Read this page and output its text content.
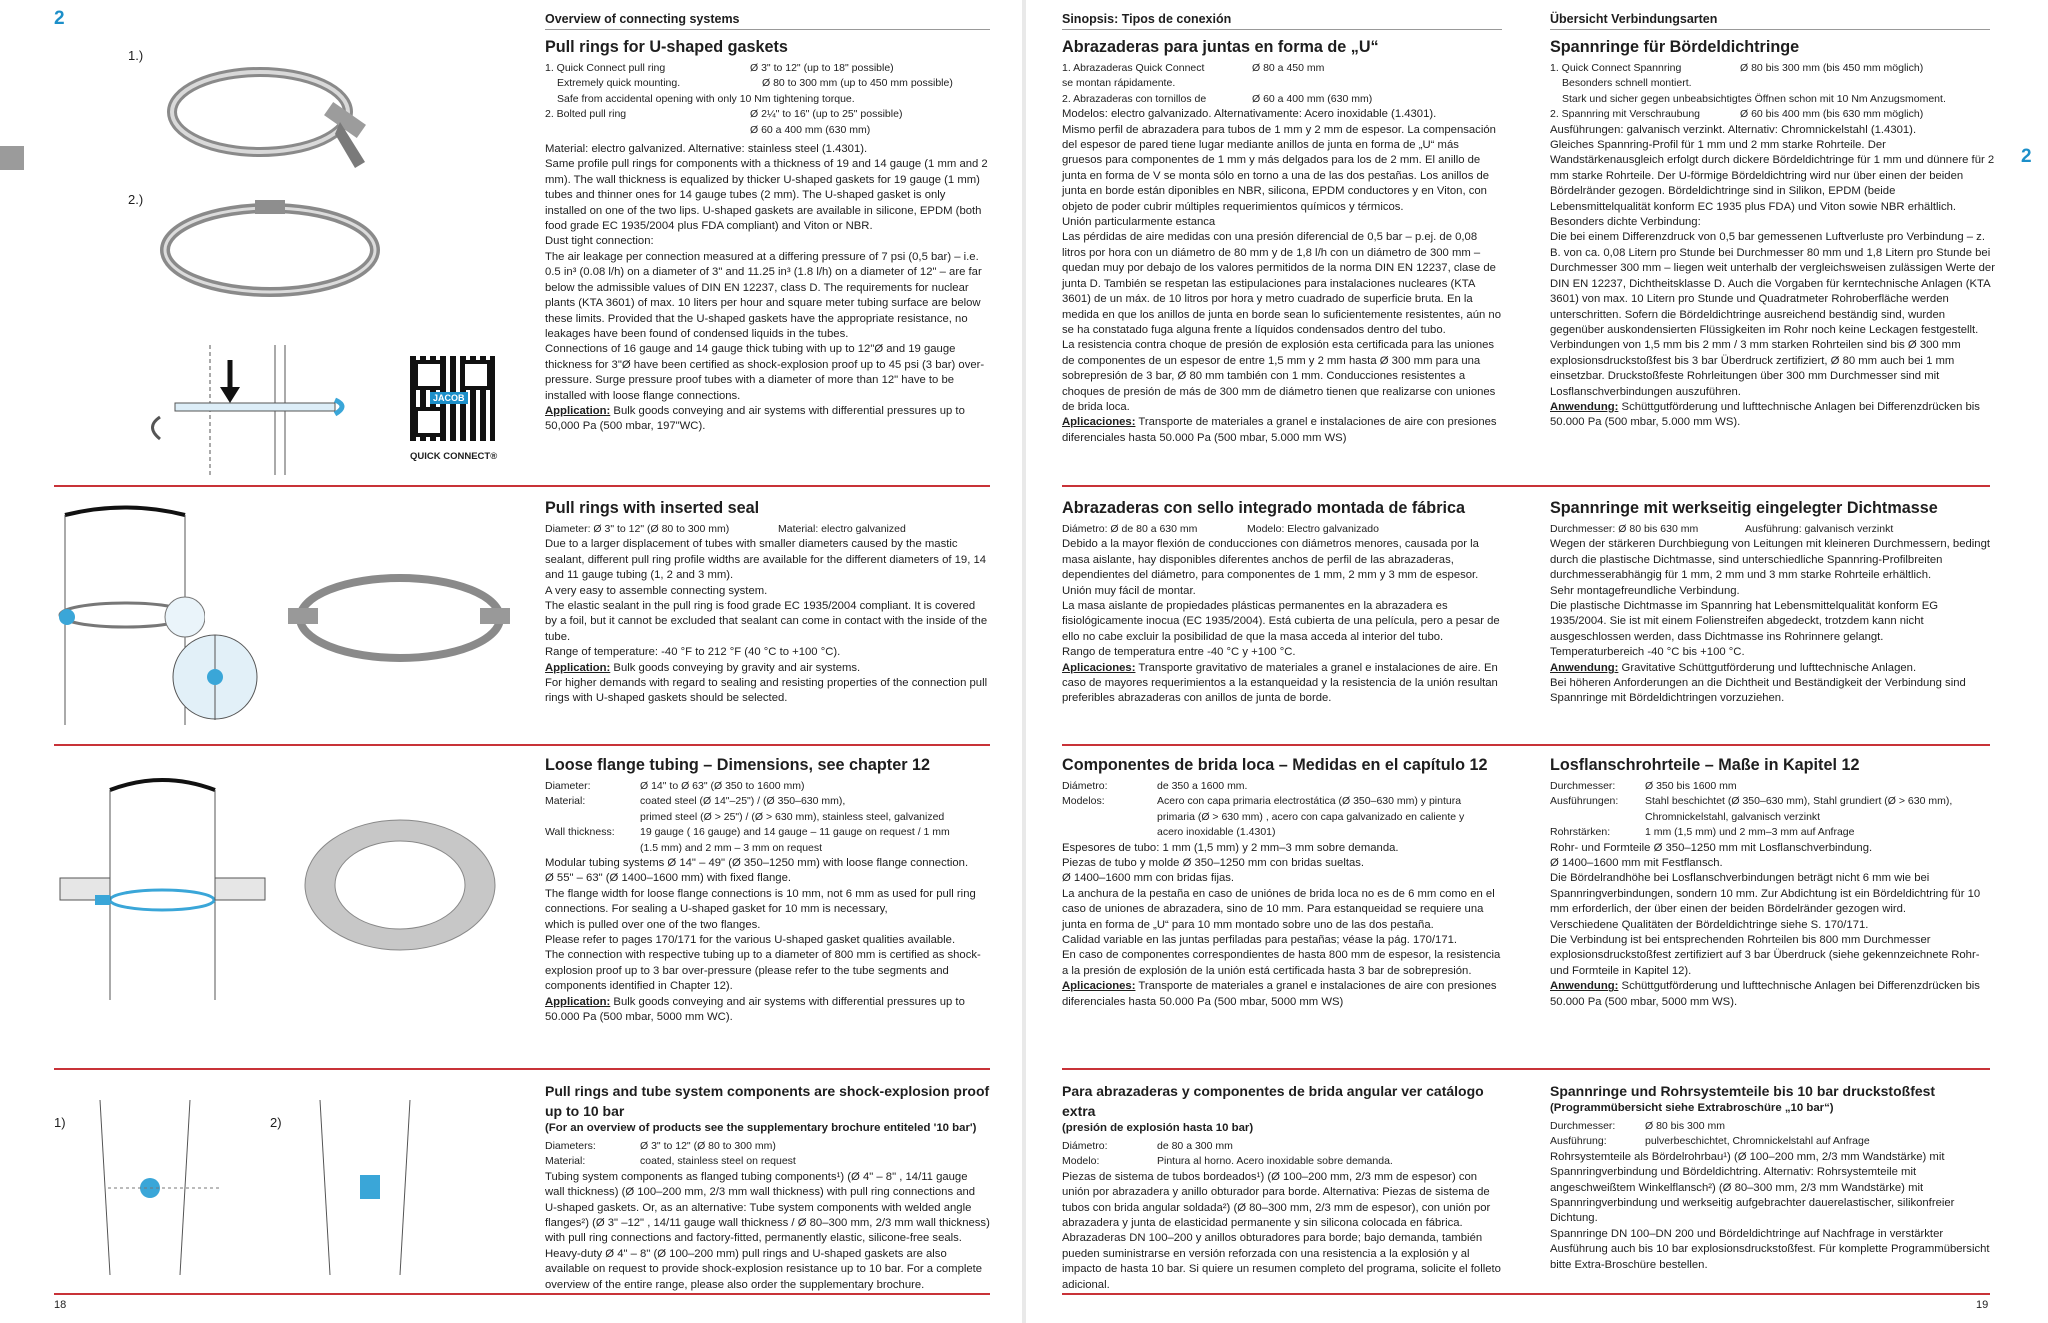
2	Overview of connecting systems
1.)
2.)
JACOB
QUICK CONNECT®
Pull rings for U-shaped gaskets
1. Quick Connect pull ring	Ø 3" to 12" (up to 18" possible)
Extremely quick mounting.	Ø 80 to 300 mm (up to 450 mm possible)
Safe from accidental opening with only 10 Nm tightening torque.
2. Bolted pull ring	Ø 2¼" to 16" (up to 25" possible)
Ø 60 a 400 mm (630 mm)

Material: electro galvanized. Alternative: stainless steel (1.4301).

Same profile pull rings for components with a thickness of 19 and 14 gauge (1 mm and 2 mm). The wall thickness is equalized by thicker U-shaped gaskets for 19 gauge (1 mm) tubes and thinner ones for 14 gauge tubes (2 mm). The U-shaped gasket is only installed on one of the two lips. U-shaped gaskets are available in silicone, EPDM (both food grade EC 1935/2004 plus FDA compliant) and Viton or NBR.

Dust tight connection:

The air leakage per connection measured at a differing pressure of 7 psi (0,5 bar) – i.e. 0.5 in³ (0.08 l/h) on a diameter of 3" and 11.25 in³ (1.8 l/h) on a diameter of 12" – are far below the admissible values of DIN EN 12237, class D. The requirements for nuclear plants (KTA 3601) of max. 10 liters per hour and square meter tubing surface are below these limits. Provided that the U-shaped gaskets have the appropriate resistance, no leakages have been found of condensed liquids in the tubes.

Connections of 16 gauge and 14 gauge thick tubing with up to 12"Ø and 19 gauge thickness for 3"Ø have been certified as shock-explosion proof up to 45 psi (3 bar) over-pressure. Surge pressure proof tubes with a diameter of more than 12" have to be installed with loose flange connections.

Application: Bulk goods conveying and air systems with differential pressures up to 50,000 Pa (500 mbar, 197"WC).

Pull rings with inserted seal
Diameter: Ø 3" to 12" (Ø 80 to 300 mm)	Material: electro galvanized

Due to a larger displacement of tubes with smaller diameters caused by the mastic sealant, different pull ring profile widths are available for the different diameters of 19, 14 and 11 gauge tubing (1, 2 and 3 mm).

A very easy to assemble connecting system.

The elastic sealant in the pull ring is food grade EC 1935/2004 compliant. It is covered by a foil, but it cannot be excluded that sealant can come in contact with the inside of the tube.

Range of temperature: -40 °F to 212 °F (40 °C to +100 °C).

Application: Bulk goods conveying by gravity and air systems.

For higher demands with regard to sealing and resisting properties of the connection pull rings with U-shaped gaskets should be selected.

Loose flange tubing – Dimensions, see chapter 12
Diameter:	Ø 14" to Ø 63" (Ø 350 to 1600 mm)
Material:	coated steel (Ø 14"–25") / (Ø 350–630 mm),
primed steel (Ø > 25") / (Ø > 630 mm), stainless steel, galvanized
Wall thickness:	19 gauge ( 16 gauge) and 14 gauge – 11 gauge on request / 1 mm
(1.5 mm) and 2 mm – 3 mm on request

Modular tubing systems Ø 14" – 49" (Ø 350–1250 mm) with loose flange connection.

Ø 55" – 63" (Ø 1400–1600 mm) with fixed flange.

The flange width for loose flange connections is 10 mm, not 6 mm as used for pull ring connections. For sealing a U-shaped gasket for 10 mm is necessary,

which is pulled over one of the two flanges.

Please refer to pages 170/171 for the various U-shaped gasket qualities available.

The connection with respective tubing up to a diameter of 800 mm is certified as shock-explosion proof up to 3 bar over-pressure (please refer to the tube segments and components identified in Chapter 12).

Application: Bulk goods conveying and air systems with differential pressures up to 50.000 Pa (500 mbar, 5000 mm WC).

1)	2)
Pull rings and tube system components are shock-explosion proof up to 10 bar
(For an overview of products see the supplementary brochure entiteled '10 bar')
Diameters:	Ø 3" to 12" (Ø 80 to 300 mm)
Material:	coated, stainless steel on request

Tubing system components as flanged tubing components¹) (Ø 4" – 8" , 14/11 gauge wall thickness) (Ø 100–200 mm, 2/3 mm wall thickness) with pull ring connections and U-shaped gaskets. Or, as an alternative: Tube system components with welded angle flanges²) (Ø 3" –12" , 14/11 gauge wall thickness / Ø 80–300 mm, 2/3 mm wall thickness) with pull ring connections and factory-fitted, permanently elastic, silicone-free seals.

Heavy-duty Ø 4" – 8" (Ø 100–200 mm) pull rings and U-shaped gaskets are also available on request to provide shock-explosion resistance up to 10 bar. For a complete overview of the entire range, please also order the supplementary brochure.

18
Sinopsis: Tipos de conexión	Übersicht Verbindungsarten
2
Abrazaderas para juntas en forma de „U“
1. Abrazaderas Quick Connect
se montan rápidamente.
Ø 80 a 450 mm
2. Abrazaderas con tornillos de	Ø 60 a 400 mm (630 mm)

Modelos: electro galvanizado. Alternativamente: Acero inoxidable (1.4301).

Mismo perfil de abrazadera para tubos de 1 mm y 2 mm de espesor. La compensación del espesor de pared tiene lugar mediante anillos de junta en forma de „U“ más gruesos para componentes de 1 mm y más delgados para los de 2 mm. El anillo de junta en forma de V se monta sólo en torno a una de las dos pestañas. Los anillos de junta en borde están diponibles en NBR, silicona, EPDM conductores y en Viton, con objeto de poder cubrir múltiples requerimientos químicos y térmicos.

Unión particularmente estanca

Las pérdidas de aire medidas con una presión diferencial de 0,5 bar – p.ej. de 0,08 litros por hora con un diámetro de 80 mm y de 1,8 l/h con un diámetro de 300 mm – quedan muy por debajo de los valores permitidos de la norma DIN EN 12237, clase de junta D. También se respetan las estipulaciones para instalaciones nucleares (KTA 3601) de un máx. de 10 litros por hora y metro cuadrado de superficie bruta. En la medida en que los anillos de junta en borde sean lo suficientemente resistentes, aún no se ha constatado fuga alguna frente a líquidos condensados dentro del tubo.

La resistencia contra choque de presión de explosión esta certificada para las uniones de componentes de un espesor de entre 1,5 mm y 2 mm hasta Ø 300 mm para una sobrepresión de 3 bar, Ø 80 mm también con 1 mm. Conducciones resistentes a choques de presión de más de 300 mm de diámetro tienen que realizarse con uniones de brida loca.

Aplicaciones: Transporte de materiales a granel e instalaciones de aire con presiones diferenciales hasta 50.000 Pa (500 mbar, 5.000 mm WS)

Abrazaderas con sello integrado montada de fábrica
Diámetro: Ø de 80 a 630 mm	Modelo: Electro galvanizado

Debido a la mayor flexión de conducciones con diámetros menores, causada por la masa aislante, hay disponibles diferentes anchos de perfil de las abrazaderas, dependientes del diámetro, para componentes de 1 mm, 2 mm y 3 mm de espesor.

Unión muy fácil de montar.

La masa aislante de propiedades plásticas permanentes en la abrazadera es fisiológicamente inocua (EC 1935/2004). Está cubierta de una película, pero a pesar de ello no cabe excluir la posibilidad de que la masa acceda al interior del tubo.

Rango de temperatura entre -40 °C y +100 °C.

Aplicaciones: Transporte gravitativo de materiales a granel e instalaciones de aire. En caso de mayores requerimientos a la estanqueidad y la resistencia de la unión resultan preferibles abrazaderas con anillos de junta de borde.

Componentes de brida loca – Medidas en el capítulo 12
Diámetro:	de 350 a 1600 mm.
Modelos:	Acero con capa primaria electrostática (Ø 350–630 mm) y pintura
primaria (Ø > 630 mm) , acero con capa galvanizado en caliente y
acero inoxidable (1.4301)

Espesores de tubo: 1 mm (1,5 mm) y 2 mm–3 mm sobre demanda.

Piezas de tubo y molde Ø 350–1250 mm con bridas sueltas.

Ø 1400–1600 mm con bridas fijas.

La anchura de la pestaña en caso de uniónes de brida loca no es de 6 mm como en el caso de uniones de abrazadera, sino de 10 mm. Para estanqueidad se requiere una junta en forma de „U“ para 10 mm montado sobre uno de las dos pestaña.

Calidad variable en las juntas perfiladas para pestañas; véase la pág. 170/171.

En caso de componentes correspondientes de hasta 800 mm de espesor, la resistencia a la presión de explosión de la unión está certificada hasta 3 bar de sobrepresión.

Aplicaciones: Transporte de materiales a granel e instalaciones de aire con presiones diferenciales hasta 50.000 Pa (500 mbar, 5000 mm WS)

Para abrazaderas y componentes de brida angular ver catálogo extra
(presión de explosión hasta 10 bar)
Diámetro:	de 80 a 300 mm
Modelo:	Pintura al horno. Acero inoxidable sobre demanda.

Piezas de sistema de tubos bordeados¹) (Ø 100–200 mm, 2/3 mm de espesor) con unión por abrazadera y anillo obturador para borde. Alternativa: Piezas de sistema de tubos con brida angular soldada²) (Ø 80–300 mm, 2/3 mm de espesor), con unión por abrazadera y junta de elasticidad permanente y sin silicona colocada en fábrica.

Abrazaderas DN 100–200 y anillos obturadores para borde; bajo demanda, también pueden suministrarse en versión reforzada con una resistencia a la explosión y al impacto de hasta 10 bar. Si quiere un resumen completo del programa, solicite el folleto adicional.

Spannringe für Bördeldichtringe
1. Quick Connect Spannring	Ø 80 bis 300 mm (bis 450 mm möglich)
Besonders schnell montiert.
Stark und sicher gegen unbeabsichtigtes Öffnen schon mit 10 Nm Anzugsmoment.
2. Spannring mit Verschraubung	Ø 60 bis 400 mm (bis 630 mm möglich)

Ausführungen: galvanisch verzinkt. Alternativ: Chromnickelstahl (1.4301).

Gleiches Spannring-Profil für 1 mm und 2 mm starke Rohrteile. Der Wandstärkenausgleich erfolgt durch dickere Bördeldichtringe für 1 mm und dünnere für 2 mm starke Rohrteile. Der U-förmige Bördeldichtring wird nur über einen der beiden Bördelränder gezogen. Bördeldichtringe sind in Silikon, EPDM (beide Lebensmittelqualität konform EC 1935 plus FDA) und Viton sowie NBR erhältlich.

Besonders dichte Verbindung:

Die bei einem Differenzdruck von 0,5 bar gemessenen Luftverluste pro Verbindung – z. B. von ca. 0,08 Litern pro Stunde bei Durchmesser 80 mm und 1,8 Litern pro Stunde bei Durchmesser 300 mm – liegen weit unterhalb der vergleichsweisen zulässigen Werte der DIN EN 12237, Dichtheitsklasse D. Auch die Vorgaben für kerntechnische Anlagen (KTA 3601) von max. 10 Litern pro Stunde und Quadratmeter Rohroberfläche werden unterschritten. Sofern die Bördeldichtringe ausreichend beständig sind, wurden gegenüber auskondensierten Flüssigkeiten im Rohr noch keine Leckagen festgestellt.

Verbindungen von 1,5 mm bis 2 mm / 3 mm starken Rohrteilen sind bis Ø 300 mm explosionsdruckstoßfest bis 3 bar Überdruck zertifiziert, Ø 80 mm auch bei 1 mm einsetzbar. Druckstoßfeste Rohrleitungen über 300 mm Durchmesser sind mit Losflanschverbindungen auszuführen.

Anwendung: Schüttgutförderung und lufttechnische Anlagen bei Differenzdrücken bis 50.000 Pa (500 mbar, 5.000 mm WS).

Spannringe mit werkseitig eingelegter Dichtmasse
Durchmesser: Ø 80 bis 630 mm	Ausführung: galvanisch verzinkt

Wegen der stärkeren Durchbiegung von Leitungen mit kleineren Durchmessern, bedingt durch die plastische Dichtmasse, sind unterschiedliche Spannring-Profilbreiten durchmesserabhängig für 1 mm, 2 mm und 3 mm starke Rohrteile erhältlich.

Sehr montagefreundliche Verbindung.

Die plastische Dichtmasse im Spannring hat Lebensmittelqualität konform EG 1935/2004. Sie ist mit einem Folienstreifen abgedeckt, trotzdem kann nicht ausgeschlossen werden, dass Dichtmasse ins Rohrinnere gelangt.

Temperaturbereich -40 °C bis +100 °C.

Anwendung: Gravitative Schüttgutförderung und lufttechnische Anlagen.

Bei höheren Anforderungen an die Dichtheit und Beständigkeit der Verbindung sind Spannringe mit Bördeldichtringen vorzuziehen.

Losflanschrohrteile – Maße in Kapitel 12
Durchmesser:	Ø 350 bis 1600 mm
Ausführungen:	Stahl beschichtet (Ø 350–630 mm), Stahl grundiert (Ø > 630 mm),
Chromnickelstahl, galvanisch verzinkt
Rohrstärken:	1 mm (1,5 mm) und 2 mm–3 mm auf Anfrage

Rohr- und Formteile Ø 350–1250 mm mit Losflanschverbindung.

Ø 1400–1600 mm mit Festflansch.

Die Bördelrandhöhe bei Losflanschverbindungen beträgt nicht 6 mm wie bei Spannringverbindungen, sondern 10 mm. Zur Abdichtung ist ein Bördeldichtring für 10 mm erforderlich, der über einen der beiden Bördelränder gezogen wird.

Verschiedene Qualitäten der Bördeldichtringe siehe S. 170/171.

Die Verbindung ist bei entsprechenden Rohrteilen bis 800 mm Durchmesser explosionsdruckstoßfest zertifiziert auf 3 bar Überdruck (siehe gekennzeichnete Rohr- und Formteile in Kapitel 12).

Anwendung: Schüttgutförderung und lufttechnische Anlagen bei Differenzdrücken bis 50.000 Pa (500 mbar, 5000 mm WS).

Spannringe und Rohrsystemteile bis 10 bar druckstoßfest
(Programmübersicht siehe Extrabroschüre „10 bar“)
Durchmesser:	Ø 80 bis 300 mm
Ausführung:	pulverbeschichtet, Chromnickelstahl auf Anfrage

Rohrsystemteile als Bördelrohrbau¹) (Ø 100–200 mm, 2/3 mm Wandstärke) mit Spannringverbindung und Bördeldichtring. Alternativ: Rohrsystemteile mit angeschweißtem Winkelflansch²) (Ø 80–300 mm, 2/3 mm Wandstärke) mit Spannringverbindung und werkseitig aufgebrachter dauerelastischer, silikonfreier Dichtung.

Spannringe DN 100–DN 200 und Bördeldichtringe auf Nachfrage in verstärkter Ausführung auch bis 10 bar explosionsdruckstoßfest. Für komplette Programmübersicht bitte Extra-Broschüre bestellen.

19
